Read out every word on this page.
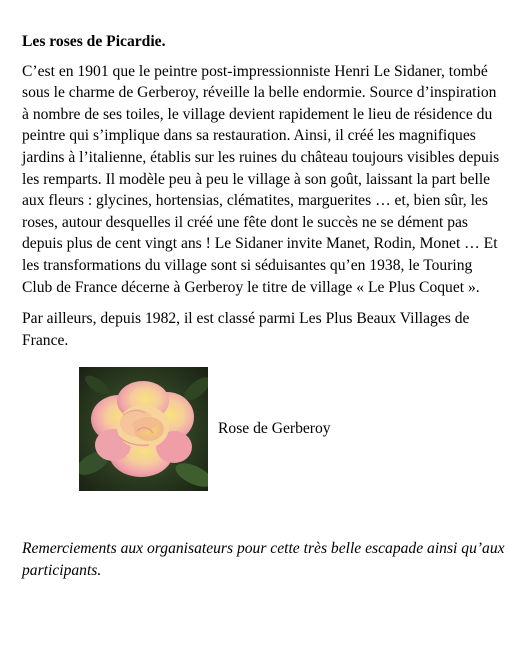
Les roses de Picardie.

C’est en 1901 que le peintre post-impressionniste Henri Le Sidaner, tombé sous le charme de Gerberoy, réveille la belle endormie. Source d’inspiration à nombre de ses toiles, le village devient rapidement le lieu de résidence du peintre qui s’implique dans sa restauration. Ainsi, il créé les magnifiques jardins à l’italienne, établis sur les ruines du château toujours visibles depuis les remparts. Il modèle peu à peu le village à son goût, laissant la part belle aux fleurs : glycines, hortensias, clématites, marguerites … et, bien sûr, les roses, autour desquelles il créé une fête dont le succès ne se dément pas depuis plus de cent vingt ans ! Le Sidaner invite Manet, Rodin, Monet … Et les transformations du village sont si séduisantes qu’en 1938, le Touring Club de France décerne à Gerberoy le titre de village « Le Plus Coquet ».

Par ailleurs, depuis 1982, il est classé parmi Les Plus Beaux Villages de France.

Rose de Gerberoy

Remerciements aux organisateurs pour cette très belle escapade ainsi qu’aux participants.
